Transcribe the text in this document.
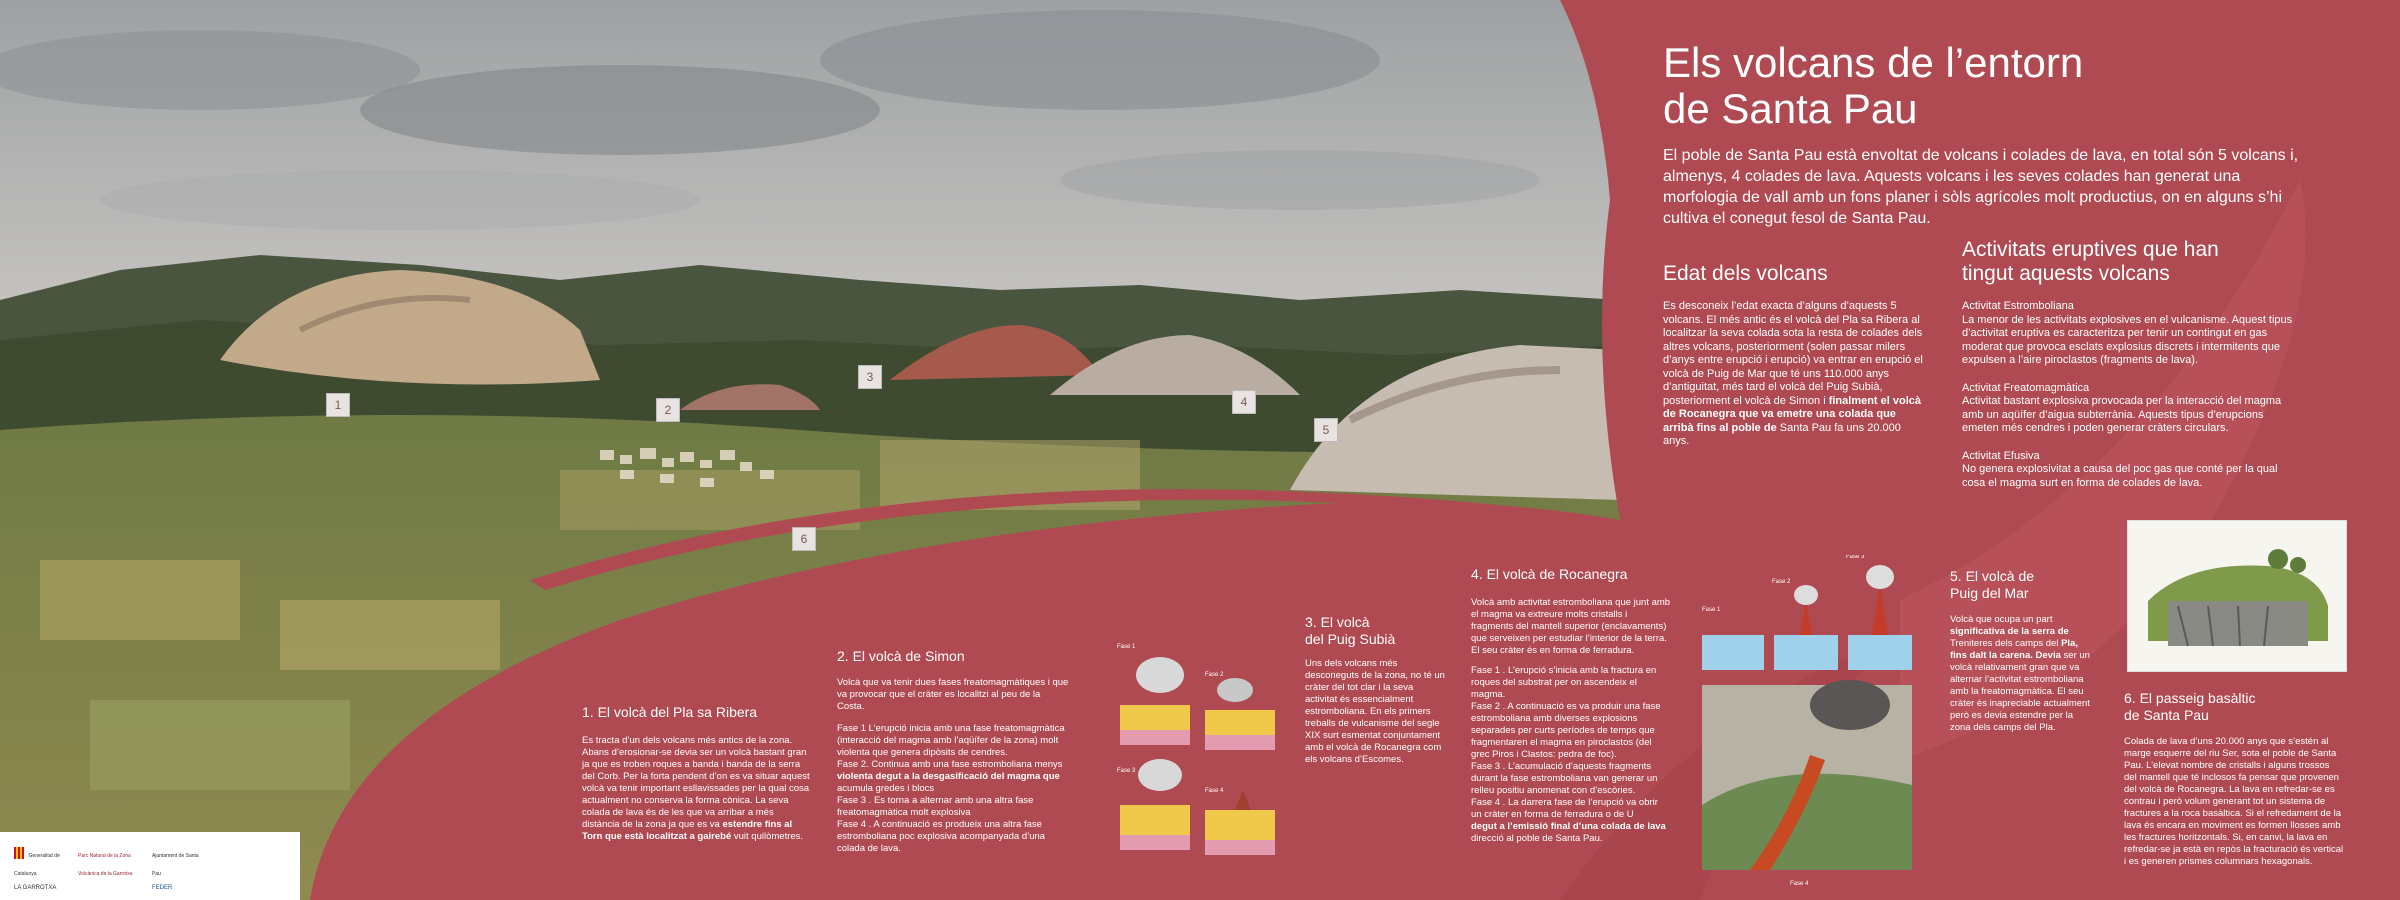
1	2
3
4
5
6
Els volcans de l’entorn
de Santa Pau

El poble de Santa Pau està envoltat de volcans i colades de lava, en total són 5 volcans i, almenys, 4 colades de lava. Aquests volcans i les seves colades han generat una morfologia de vall amb un fons planer i sòls agrícoles molt productius, on en alguns s’hi cultiva el conegut fesol de Santa Pau.

Edat dels volcans
Es desconeix l’edat exacta d’alguns d’aquests 5 volcans. El més antic és el volcà del Pla sa Ribera al localitzar la seva colada sota la resta de colades dels altres volcans, posteriorment (solen passar milers d’anys entre erupció i erupció) va entrar en erupció el volcà de Puig de Mar que té uns 110.000 anys d’antiguitat, més tard el volcà del Puig Subià, posteriorment el volcà de Simon i finalment el volcà de Rocanegra que va emetre una colada que arribà fins al poble de Santa Pau fa uns 20.000 anys.
Activitats eruptives que han
tingut aquests volcans
Activitat Estromboliana
La menor de les activitats explosives en el vulcanisme. Aquest tipus d’activitat eruptiva es caracteritza per tenir un contingut en gas moderat que provoca esclats explosius discrets i intermitents que expulsen a l’aire piroclastos (fragments de lava).
Activitat Freatomagmàtica
Activitat bastant explosiva provocada per la interacció del magma amb un aqüífer d’aigua subterrània. Aquests tipus d’erupcions emeten més cendres i poden generar cràters circulars.
Activitat Efusiva
No genera explosivitat a causa del poc gas que conté per la qual cosa el magma surt en forma de colades de lava.
1. El volcà del Pla sa Ribera
Es tracta d’un dels volcans més antics de la zona. Abans d’erosionar-se devia ser un volcà bastant gran ja que es troben roques a banda i banda de la serra del Corb. Per la forta pendent d’on es va situar aquest volcà va tenir important esllavissades per la qual cosa actualment no conserva la forma cònica. La seva colada de lava és de les que va arribar a més distància de la zona ja que es va estendre fins al Torn que està localitzat a gairebé vuit quilòmetres.
2. El volcà de Simon
Volcà que va tenir dues fases freatomagmàtiques i que va provocar que el cràter es localitzi al peu de la Costa.
Fase 1 L’erupció inicia amb una fase freatomagmàtica (interacció del magma amb l’aqüífer de la zona) molt violenta que genera dipòsits de cendres.
Fase 2. Continua amb una fase estromboliana menys
violenta degut a la desgasificació del magma que
acumula gredes i blocs
Fase 3 . Es torna a alternar amb una altra fase freatomagmàtica molt explosiva
Fase 4 . A continuació es produeix una altra fase estromboliana poc explosiva acompanyada d’una colada de lava.
Fase 1
Fase 2
Fase 3
Fase 4
3. El volcà
del Puig Subià
Uns dels volcans més desconeguts de la zona, no té un cràter del tot clar i la seva activitat és essencialment estromboliana. En els primers treballs de vulcanisme del segle XIX surt esmentat conjuntament amb el volcà de Rocanegra com els volcans d’Escomes.
4. El volcà de Rocanegra
Volcà amb activitat estromboliana que junt amb el magma va extreure molts cristalls i fragments del mantell superior (enclavaments) que serveixen per estudiar l’interior de la terra. El seu cràter és en forma de ferradura.
Fase 1 . L’erupció s’inicia amb la fractura en roques del substrat per on ascendeix el magma.
Fase 2 . A continuació es va produir una fase estromboliana amb diverses explosions separades per curts períodes de temps que fragmentaren el magma en piroclastos (del grec Piros i Clastos: pedra de foc).
Fase 3 . L’acumulació d’aquests fragments durant la fase estromboliana van generar un relleu positiu anomenat con d’escòries.
Fase 4 . La darrera fase de l’erupció va obrir un cràter en forma de ferradura o de U
degut a l’emissió final d’una colada de lava
direcció al poble de Santa Pau.
Fase 1
Fase 2
Fase 3
Fase 4
5. El volcà de
Puig del Mar
Volcà que ocupa un part significativa de la serra de Treniteres dels camps del Pla, fins dalt la carena. Devia ser un volcà relativament gran que va alternar l’activitat estromboliana amb la freatomagmàtica. El seu cràter és inapreciable actualment però es devia estendre per la zona dels camps del Pla.
6. El passeig basàltic
de Santa Pau
Colada de lava d’uns 20.000 anys que s’estén al marge esquerre del riu Ser, sota el poble de Santa Pau. L’elevat nombre de cristalls i alguns trossos del mantell que té inclosos fa pensar que provenen del volcà de Rocanegra. La lava en refredar-se es contrau i però volum generant tot un sistema de fractures a la roca basàltica. Si el refredament de la lava és encara en moviment es formen llosses amb les fractures horitzontals. Si, en canvi, la lava en refredar-se ja està en repòs la fracturació és vertical i es generen prismes columnars hexagonals.
Generalitat de Catalunya
Parc Natural de la Zona Volcànica de la Garrotxa
Ajuntament de Santa Pau
LA GARROTXA	FEDER
